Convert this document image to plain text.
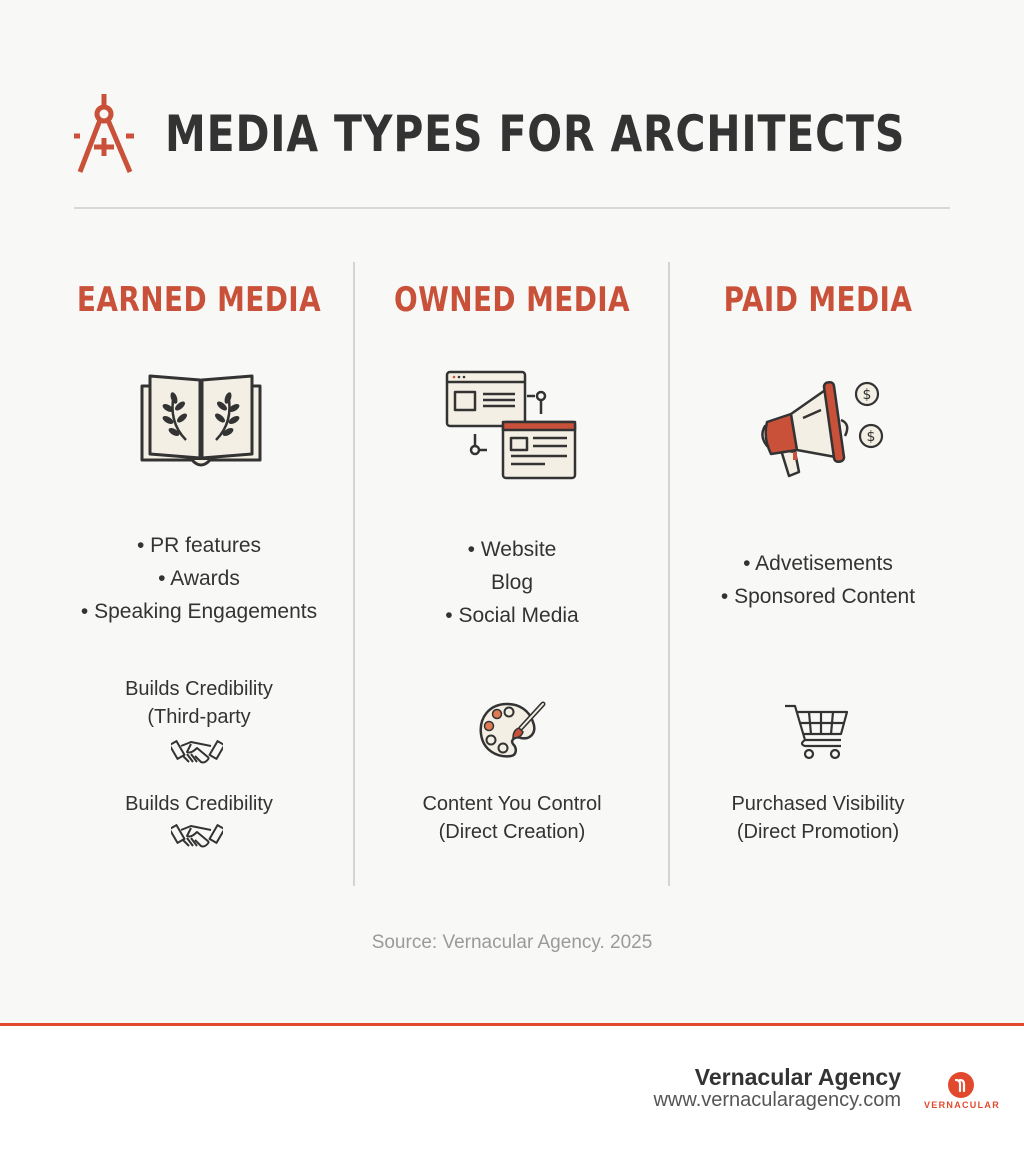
MEDIA TYPES FOR ARCHITECTS
EARNED MEDIA
• PR features
• Awards
• Speaking Engagements
Builds Credibility
(Third-party
Builds Credibility
OWNED MEDIA
• Website
Blog
• Social Media
Content You Control
(Direct Creation)
PAID MEDIA
$
$
• Advetisements
• Sponsored Content
Purchased Visibility
(Direct Promotion)
Source: Vernacular Agency. 2025
Vernacular Agency
www.vernacularagency.com	VERNACULAR
